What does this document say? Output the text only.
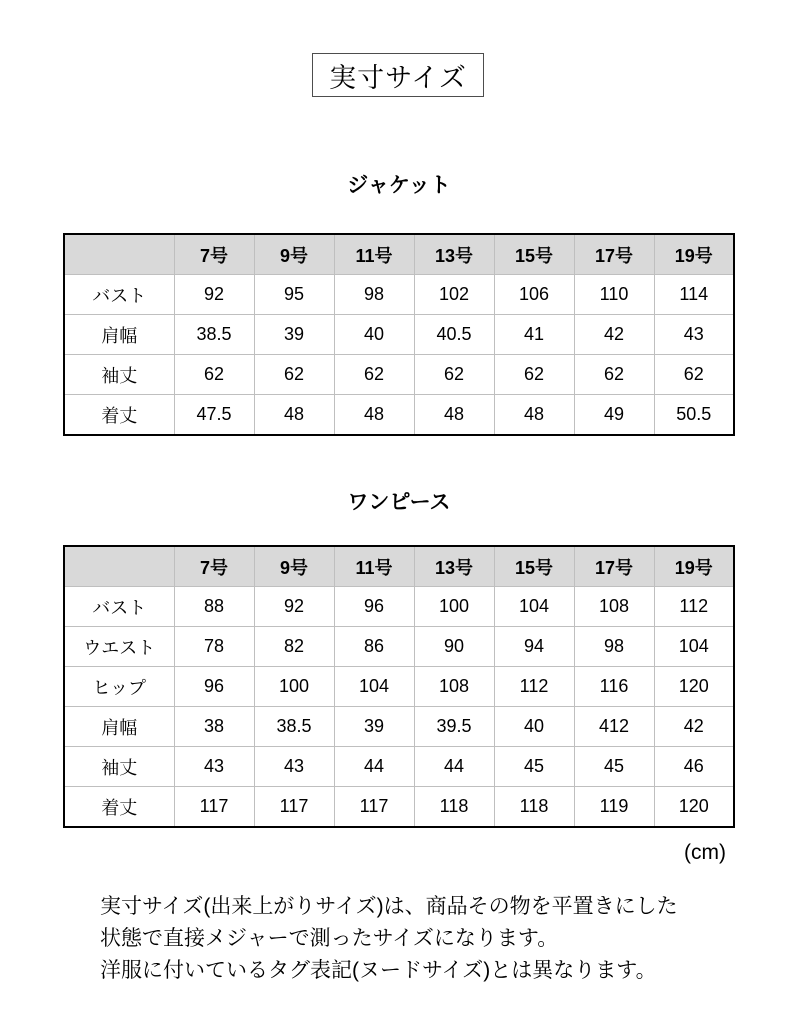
実寸サイズ
ジャケット
	7号	9号	11号	13号	15号	17号	19号
バスト	92	95	98	102	106	110	114
肩幅	38.5	39	40	40.5	41	42	43
袖丈	62	62	62	62	62	62	62
着丈	47.5	48	48	48	48	49	50.5
ワンピース
	7号	9号	11号	13号	15号	17号	19号
バスト	88	92	96	100	104	108	112
ウエスト	78	82	86	90	94	98	104
ヒップ	96	100	104	108	112	116	120
肩幅	38	38.5	39	39.5	40	412	42
袖丈	43	43	44	44	45	45	46
着丈	117	117	117	118	118	119	120
(cm)
実寸サイズ(出来上がりサイズ)は、商品その物を平置きにした
状態で直接メジャーで測ったサイズになります。
洋服に付いているタグ表記(ヌードサイズ)とは異なります。
